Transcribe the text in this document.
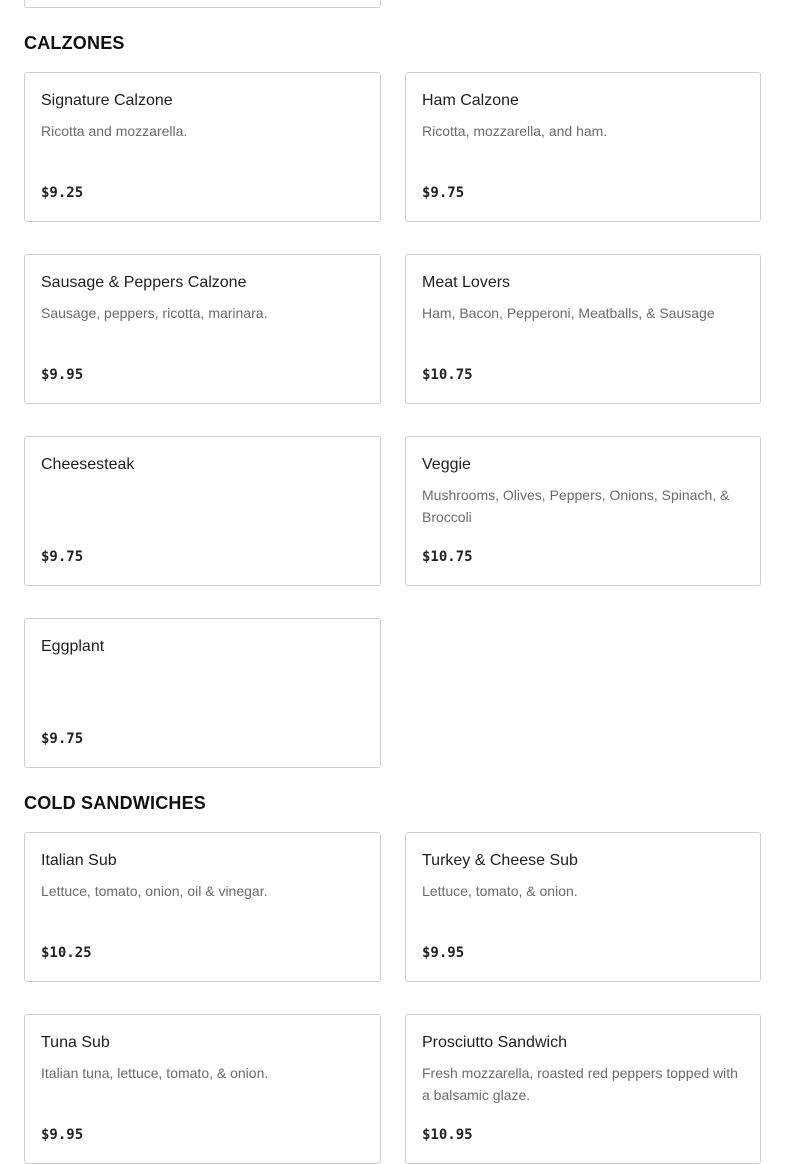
CALZONES
Signature Calzone
Ricotta and mozzarella.
$9.25
Ham Calzone
Ricotta, mozzarella, and ham.
$9.75
Sausage & Peppers Calzone
Sausage, peppers, ricotta, marinara.
$9.95
Meat Lovers
Ham, Bacon, Pepperoni, Meatballs, & Sausage
$10.75
Cheesesteak
$9.75
Veggie
Mushrooms, Olives, Peppers, Onions, Spinach, & Broccoli
$10.75
Eggplant
$9.75
COLD SANDWICHES
Italian Sub
Lettuce, tomato, onion, oil & vinegar.
$10.25
Turkey & Cheese Sub
Lettuce, tomato, & onion.
$9.95
Tuna Sub
Italian tuna, lettuce, tomato, & onion.
$9.95
Prosciutto Sandwich
Fresh mozzarella, roasted red peppers topped with a balsamic glaze.
$10.95
